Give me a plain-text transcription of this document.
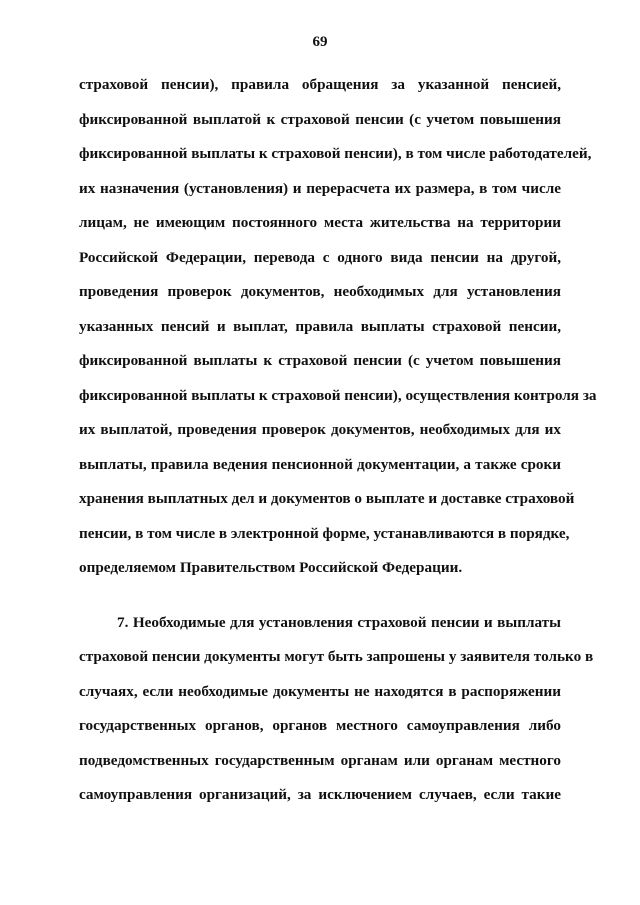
69
страховой пенсии), правила обращения за указанной пенсией,
фиксированной выплатой к страховой пенсии (с учетом повышения
фиксированной выплаты к страховой пенсии), в том числе работодателей,
их назначения (установления) и перерасчета их размера, в том числе
лицам, не имеющим постоянного места жительства на территории
Российской Федерации, перевода с одного вида пенсии на другой,
проведения проверок документов, необходимых для установления
указанных пенсий и выплат, правила выплаты страховой пенсии,
фиксированной выплаты к страховой пенсии (с учетом повышения
фиксированной выплаты к страховой пенсии), осуществления контроля за
их выплатой, проведения проверок документов, необходимых для их
выплаты, правила ведения пенсионной документации, а также сроки
хранения выплатных дел и документов о выплате и доставке страховой
пенсии, в том числе в электронной форме, устанавливаются в порядке,
определяемом Правительством Российской Федерации.
7. Необходимые для установления страховой пенсии и выплаты
страховой пенсии документы могут быть запрошены у заявителя только в
случаях, если необходимые документы не находятся в распоряжении
государственных органов, органов местного самоуправления либо
подведомственных государственным органам или органам местного
самоуправления организаций, за исключением случаев, если такие
